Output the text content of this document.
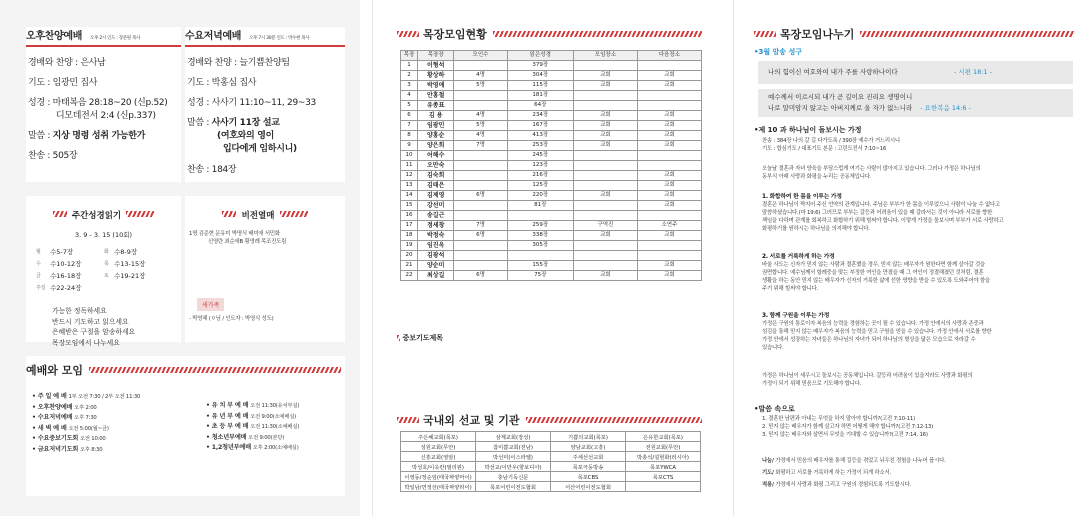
오후찬양예배 오후 2시 인도 : 장준원 목사
경배와 찬양 : 은사남
기도 : 임광민 집사
성경 : 마태복음 28:18~20 (신p.52)
디모데전서 2:4 (신p.337)
말씀 : 지상 명령 성취 가능한가
찬송 : 505장
수요저녁예배 오후 7시 30분 인도 : 박수현 목사
경배와 찬양 : 늘기쁨찬양팀
기도 : 박홍심 집사
성경 : 사사기 11:10~11, 29~33
말씀 : 사사기 11장 설교
(여호와의 영이
입다에게 임하시니)
찬송 : 184장
주간성경읽기
3. 9 - 3. 15 (10회)
월	수5-7장	화	수8-9장
수	수10-12장	목	수13-15장
금	수16-18장	토	수19-21장
주일	수22-24장		
가능한 정독하세요
반드시 기도하고 읽으세요
은혜받은 구절을 암송하세요
목장모임에서 나누세요
비전열매
1명 김준현 문유미 박명식 배미애 서민화
신영란 최순애B 황영례 목조진도림
새가족
- 박영혜 (ㅇ님 / 인도자 : 박영식 성도)
예배와 모임
• 주 일 예 배 1부 오전 7:30 / 2부 오전 11:30
• 오후찬양예배 오후 2:00
• 수요저녁예배 오후 7:30
• 새 벽 예 배 오전 5:00(월~금)
• 수요중보기도회 오전 10:00
• 금요저녁기도회 오후 8:30
• 유 치 부 예 배 오전 11:30(유치부실)
• 유 년 부 예 배 오전 9:00(소예배실)
• 초 등 부 예 배 오전 11:30(소예배실)
• 청소년부예배 오전 9:00(본당)
• 1,2청년부예배 오후 2:00(소예배실)
목장모임현황
목장	목장장	모인수	읽은성경	모임장소	다음장소
1	이형석		379장		
2	황상하	4명	304장	교회	교회
3	박영애	5명	115장	교회	교회
4	안홍철		181장		
5	유종표		64장		
6	김 용	4명	234장	교회	교회
7	임광민	5명	167장	교회	교회
8	양홍순	4명	413장	교회	교회
9	양은희	7명	253장	교회	교회
10	어해수		245장		
11	오만숙		123장		
12	김숙희		216장		교회
13	김태은		125장		교회
14	김제영	6명	220장	교회	교회
15	강선미		81장		교회
16	송길근				
17	정세창	7명	259장	구역진	소연주
18	박정숙	6명	338장	교회	교회
19	임진옥		305장		
20	김광석				
21	양순미		155장		교회
22	최상길	6명	75장	교회	교회
중보기도제목
국내외 선교 및 기관
주은혜교회(목포)	삼계교회(장성)	기쁨의교회(목포)	은유한교회(목포)
성원교회(무안)	참미쁨교회(전남)	양남교회(고흥)	전원교회(무안)
신흥교회(영암)	박선미(이스라엘)	주세선선교회	박총석/설현화(러시아)
박성호/이옥란(필리핀)	박선교/이만우(향보디아)	목포극동방송	목포YWCA
이영동/정순임(태국짜양마이)	충남기독신문	목포CBS	목포CTS
박일남/연정선(태국짜양라이)	목포어린이전도협회	서산어린이전도협회	
목장모임나누기
•3월 암송 성구
나의 힘이신 여호와여 내가 주를 사랑하나이다	- 시편 18:1 -
예수께서 이르시되 내가 곧 길이요 진리요 생명이니
나로 말미암지 않고는 아버지께로 올 자가 없느니라 - 요한복음 14:6 -
•제 10 과 하나님이 돌보시는 가정
찬송 : 384장 나의 갈 길 다가도록 / 390장 예수가 거느리시니
기도 : 합심기도 / 대표기도 본문 : 고린도전서 7:10~16
오늘날 결혼과 자녀 양육을 부담스럽게 여기는 사람이 많아지고 있습니다. 그러나 가정은 하나님의
동부식 아래 사랑과 화평을 누리는 공동체입니다.
1. 화합하여 한 몸을 이루는 가정
결혼은 하나님이 짝지어 주신 언약의 관계입니다. 주님은 부부가 한 몸을 이루었으니 사람이 나눌 수 없다고
말씀하셨습니다.(마 19:6) 그러므로 부부는 갈등과 어려움이 있을 때 갈라서는 것이 아니라 서로를 향한
책임을 다하며 관계를 회복하고 화합하기 위해 힘써야 합니다. 이렇게 가정을 돌보시며 부부가 서로 사랑하고
화평하기를 원하시는 하나님을 의지해야 합니다.
2. 서로를 거룩하게 하는 가정
바울 사도는 신자가 믿지 않는 사람과 결혼했을 경우, 믿지 않는 배우자가 원한다면 함께 살아갈 것을
권면합니다. 예수님께서 할례중을 맞는 부정한 여인을 만졌을 때 그 여인이 정결해졌던 것처럼, 결혼
생활을 하는 동안 믿지 않는 배우자가 신자의 거룩한 삶에 선한 영향을 받을 수 있도록 도와주어야 함을
주기 위해 힘써야 합니다.
3. 함께 구원을 이루는 가정
가정은 구원의 통로이자 복음의 능력을 경험하는 곳이 될 수 있습니다. 가정 안에서의 사랑과 존중과
섬김을 통해 믿지 않는 배우자가 복음의 능력을 믿고 구원을 얻을 수 있습니다. 가정 안에서 서로를 향한
가정 안에서 성장하는 자녀들은 하나님의 자녀가 되어 하나님의 형상을 닮은 모습으로 자라갈 수
있습니다.
가정은 하나님이 세우시고 돌보시는 공동체입니다. 갈등과 어려움이 있을지라도 사랑과 화평의
가정이 되기 위해 믿음으로 기도해야 합니다.
•말씀 속으로
1. 결혼한 남편과 아내는 무엇을 하지 말아야 합니까?(고전 7:10-11)
2. 믿지 않는 배우자가 함께 살고자 하면 어떻게 해야 합니까?(고전 7:12-13)
3. 믿지 않는 배우자와 살면서 무엇을 기대할 수 있습니까?(고전 7:14, 16)
나눔/ 가정에서 믿음의 배우자를 통해 길등을 겪었고 뉘우친 경험을 나누어 봅시다.
기도/ 화평하고 서로를 거룩하게 하는 가정이 되게 하소서.
적용/ 가정에서 사랑과 화평 그리고 구원의 경험되도록 기도합시다.
